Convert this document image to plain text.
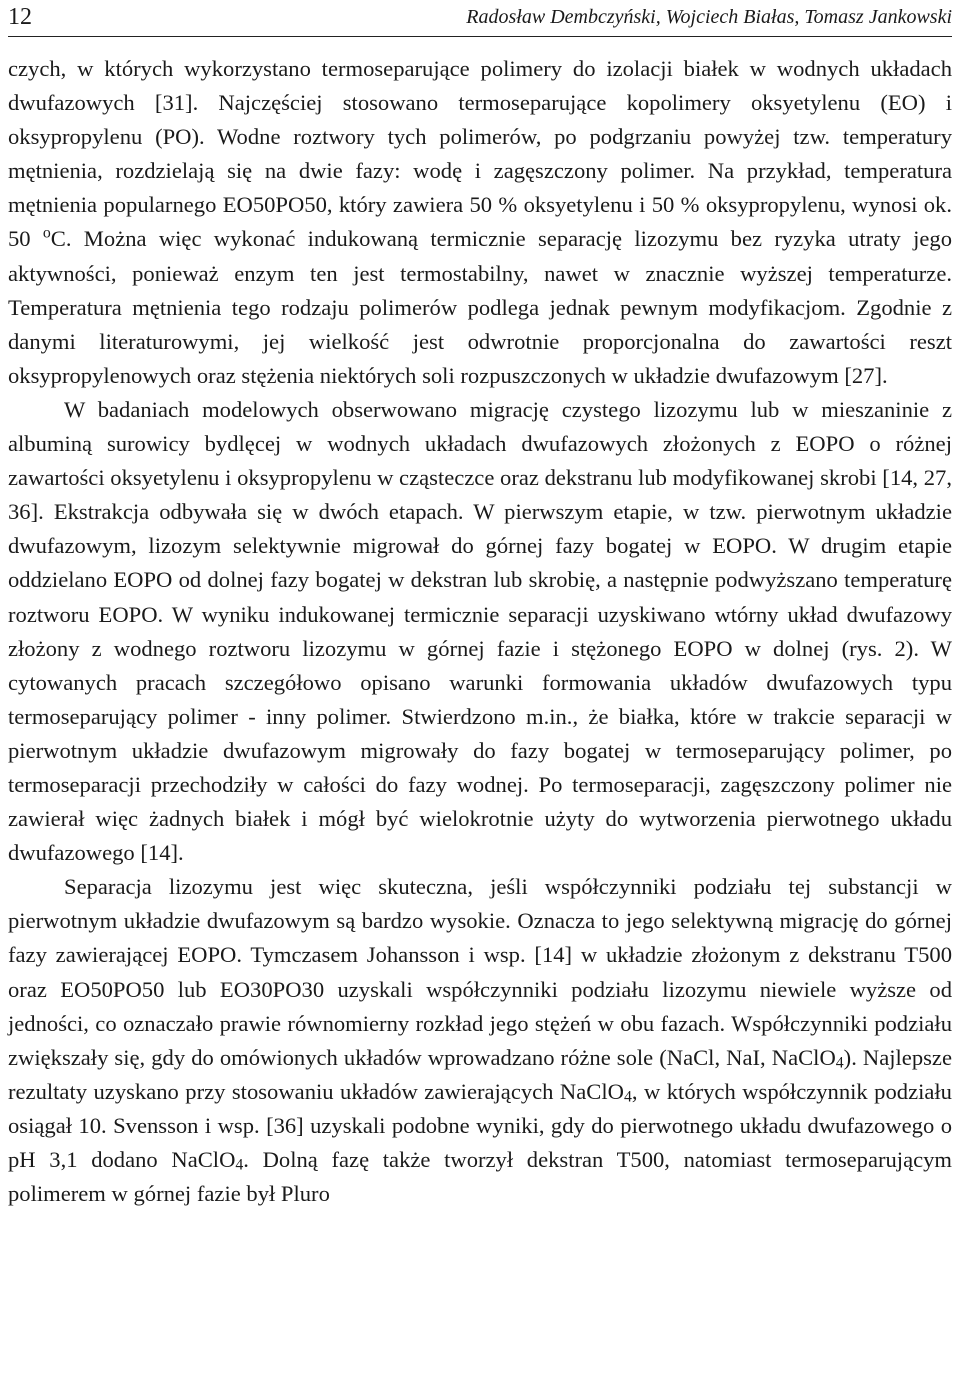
12	Radosław Dembczyński, Wojciech Białas, Tomasz Jankowski

czych, w których wykorzystano termoseparujące polimery do izolacji białek w wodnych układach dwufazowych [31]. Najczęściej stosowano termoseparujące kopolimery oksyetylenu (EO) i oksypropylenu (PO). Wodne roztwory tych polimerów, po podgrzaniu powyżej tzw. temperatury mętnienia, rozdzielają się na dwie fazy: wodę i zagęszczony polimer. Na przykład, temperatura mętnienia popularnego EO50PO50, który zawiera 50 % oksyetylenu i 50 % oksypropylenu, wynosi ok. 50 $^o$C. Można więc wykonać indukowaną termicznie separację lizozymu bez ryzyka utraty jego aktywności, ponieważ enzym ten jest termostabilny, nawet w znacznie wyższej temperaturze. Temperatura mętnienia tego rodzaju polimerów podlega jednak pewnym modyfikacjom. Zgodnie z danymi literaturowymi, jej wielkość jest odwrotnie proporcjonalna do zawartości reszt oksypropylenowych oraz stężenia niektórych soli rozpuszczonych w układzie dwufazowym [27].

W badaniach modelowych obserwowano migrację czystego lizozymu lub w mieszaninie z albuminą surowicy bydlęcej w wodnych układach dwufazowych złożonych z EOPO o różnej zawartości oksyetylenu i oksypropylenu w cząsteczce oraz dekstranu lub modyfikowanej skrobi [14, 27, 36]. Ekstrakcja odbywała się w dwóch etapach. W pierwszym etapie, w tzw. pierwotnym układzie dwufazowym, lizozym selektywnie migrował do górnej fazy bogatej w EOPO. W drugim etapie oddzielano EOPO od dolnej fazy bogatej w dekstran lub skrobię, a następnie podwyższano temperaturę roztworu EOPO. W wyniku indukowanej termicznie separacji uzyskiwano wtórny układ dwufazowy złożony z wodnego roztworu lizozymu w górnej fazie i stężonego EOPO w dolnej (rys. 2). W cytowanych pracach szczegółowo opisano warunki formowania układów dwufazowych typu termoseparujący polimer - inny polimer. Stwierdzono m.in., że białka, które w trakcie separacji w pierwotnym układzie dwufazowym migrowały do fazy bogatej w termoseparujący polimer, po termoseparacji przechodziły w całości do fazy wodnej. Po termoseparacji, zagęszczony polimer nie zawierał więc żadnych białek i mógł być wielokrotnie użyty do wytworzenia pierwotnego układu dwufazowego [14].

Separacja lizozymu jest więc skuteczna, jeśli współczynniki podziału tej substancji w pierwotnym układzie dwufazowym są bardzo wysokie. Oznacza to jego selektywną migrację do górnej fazy zawierającej EOPO. Tymczasem Johansson i wsp. [14] w układzie złożonym z dekstranu T500 oraz EO50PO50 lub EO30PO30 uzyskali współczynniki podziału lizozymu niewiele wyższe od jedności, co oznaczało prawie równomierny rozkład jego stężeń w obu fazach. Współczynniki podziału zwiększały się, gdy do omówionych układów wprowadzano różne sole (NaCl, NaI, NaClO$_4$). Najlepsze rezultaty uzyskano przy stosowaniu układów zawierających NaClO$_4$, w których współczynnik podziału osiągał 10. Svensson i wsp. [36] uzyskali podobne wyniki, gdy do pierwotnego układu dwufazowego o pH 3,1 dodano NaClO$_4$. Dolną fazę także tworzył dekstran T500, natomiast termoseparującym polimerem w górnej fazie był Pluro
